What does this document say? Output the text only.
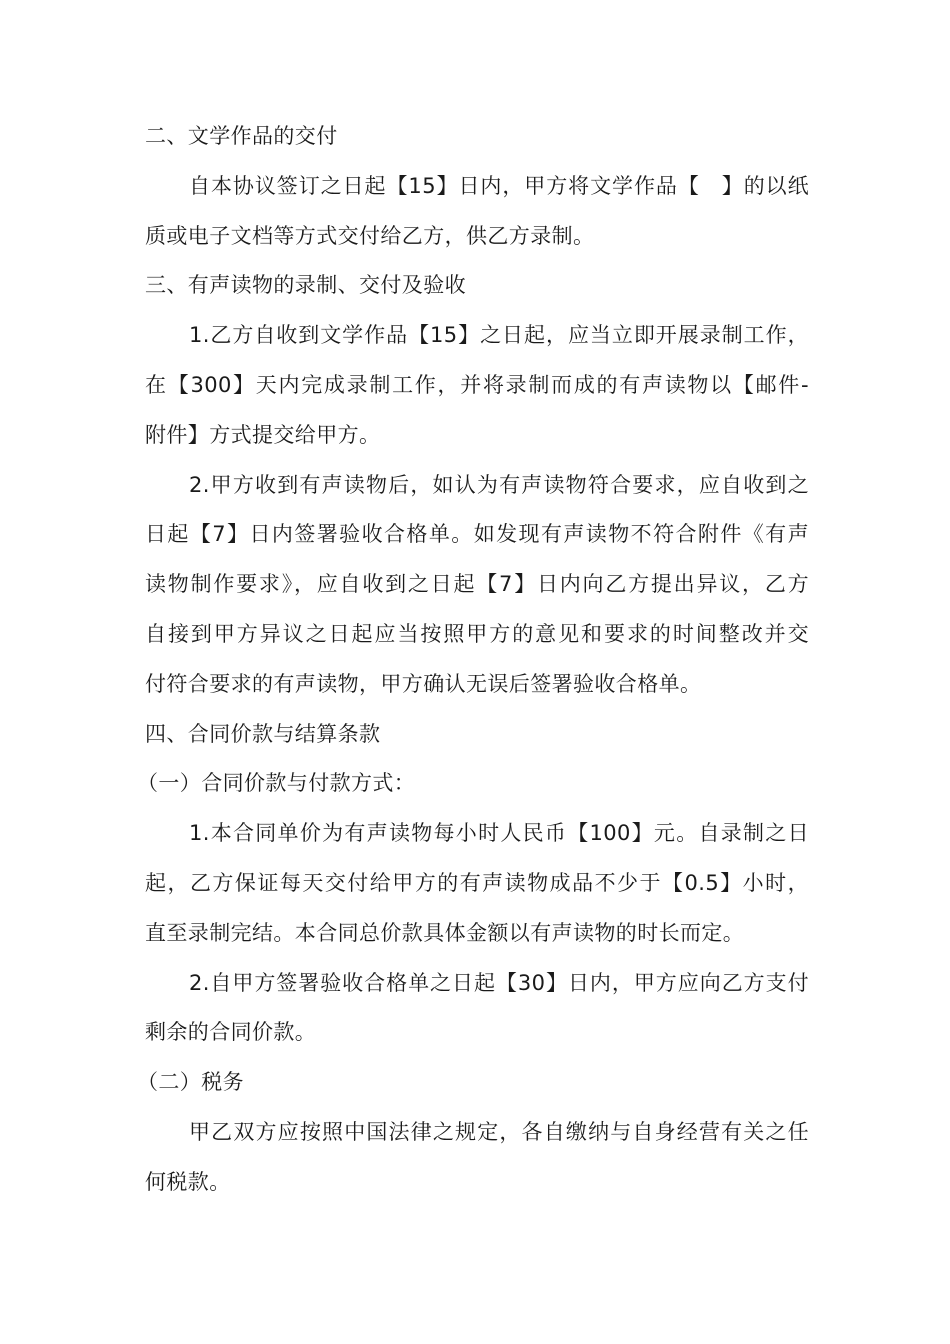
二、文学作品的交付
自本协议签订之日起【15】日内，甲方将文学作品【　】的以纸
质或电子文档等方式交付给乙方，供乙方录制。
三、有声读物的录制、交付及验收
1.乙方自收到文学作品【15】之日起，应当立即开展录制工作，
在【300】天内完成录制工作，并将录制而成的有声读物以【邮件-
附件】方式提交给甲方。
2.甲方收到有声读物后，如认为有声读物符合要求，应自收到之
日起【7】日内签署验收合格单。如发现有声读物不符合附件《有声
读物制作要求》，应自收到之日起【7】日内向乙方提出异议，乙方
自接到甲方异议之日起应当按照甲方的意见和要求的时间整改并交
付符合要求的有声读物，甲方确认无误后签署验收合格单。
四、合同价款与结算条款
（一）合同价款与付款方式：
1.本合同单价为有声读物每小时人民币【100】元。自录制之日
起，乙方保证每天交付给甲方的有声读物成品不少于【0.5】小时，
直至录制完结。本合同总价款具体金额以有声读物的时长而定。
2.自甲方签署验收合格单之日起【30】日内，甲方应向乙方支付
剩余的合同价款。
（二）税务
甲乙双方应按照中国法律之规定，各自缴纳与自身经营有关之任
何税款。
